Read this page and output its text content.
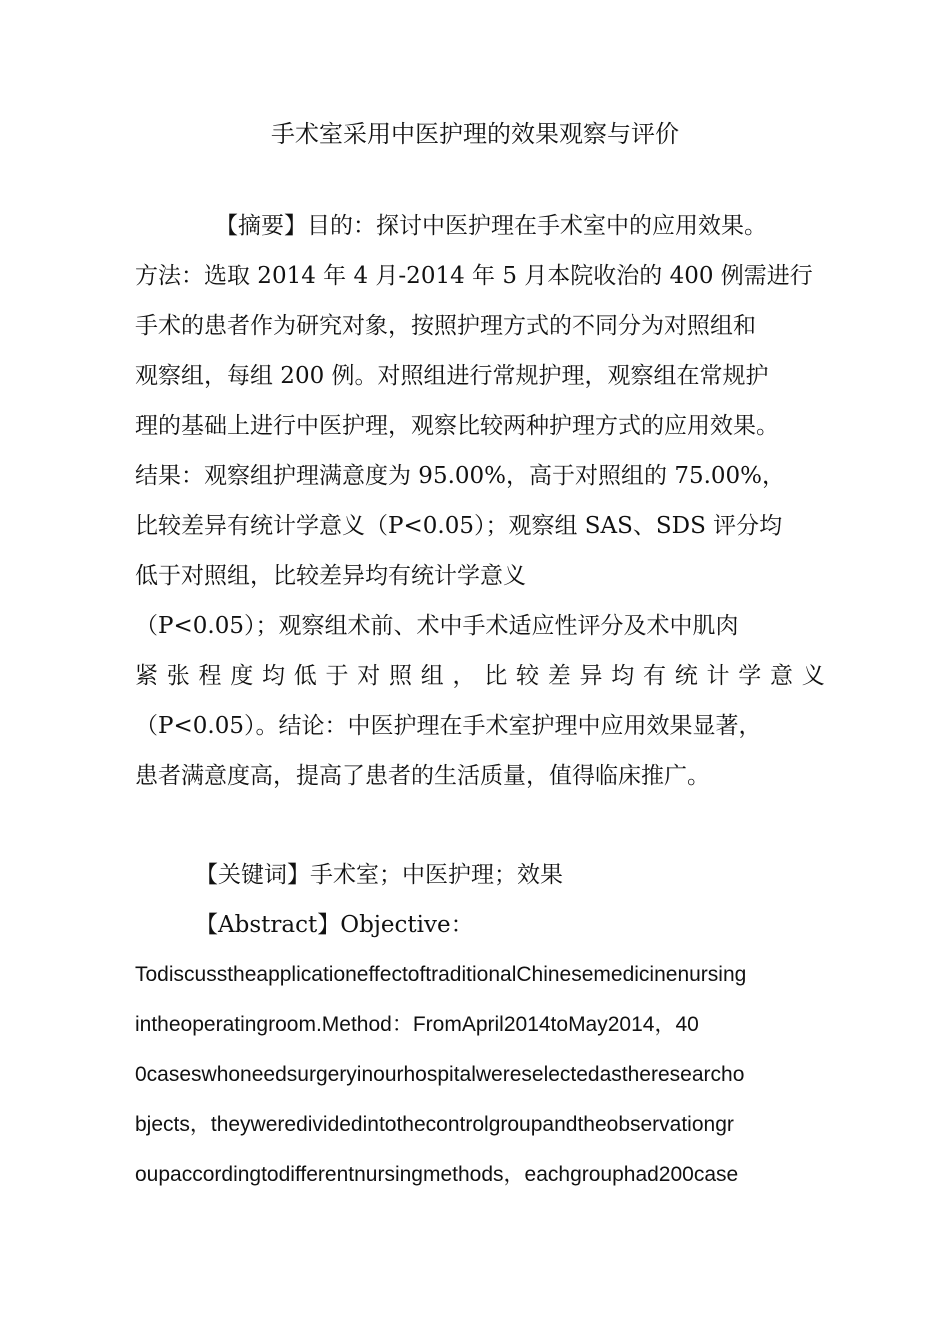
手术室采用中医护理的效果观察与评价

【摘要】目的：探讨中医护理在手术室中的应用效果。

方法：选取 2014 年 4 月-2014 年 5 月本院收治的 400 例需进行

手术的患者作为研究对象，按照护理方式的不同分为对照组和

观察组，每组 200 例。对照组进行常规护理，观察组在常规护

理的基础上进行中医护理，观察比较两种护理方式的应用效果。

结果：观察组护理满意度为 95.00%，高于对照组的 75.00%，

比较差异有统计学意义（P<0.05）；观察组 SAS、SDS 评分均

低于对照组，比较差异均有统计学意义

（P<0.05）；观察组术前、术中手术适应性评分及术中肌肉

紧 张 程 度 均 低 于 对 照 组 ， 比 较 差 异 均 有 统 计 学 意 义

（P<0.05）。结论：中医护理在手术室护理中应用效果显著，

患者满意度高，提高了患者的生活质量，值得临床推广。

【关键词】手术室；中医护理；效果

【Abstract】Objective：

TodiscusstheapplicationeffectoftraditionalChinesemedicinenursing

intheoperatingroom.Method：FromApril2014toMay2014，40

0caseswhoneedsurgeryinourhospitalwereselectedastheresearcho

bjects，theyweredividedintothecontrolgroupandtheobservationgr

oupaccordingtodifferentnursingmethods，eachgrouphad200case
